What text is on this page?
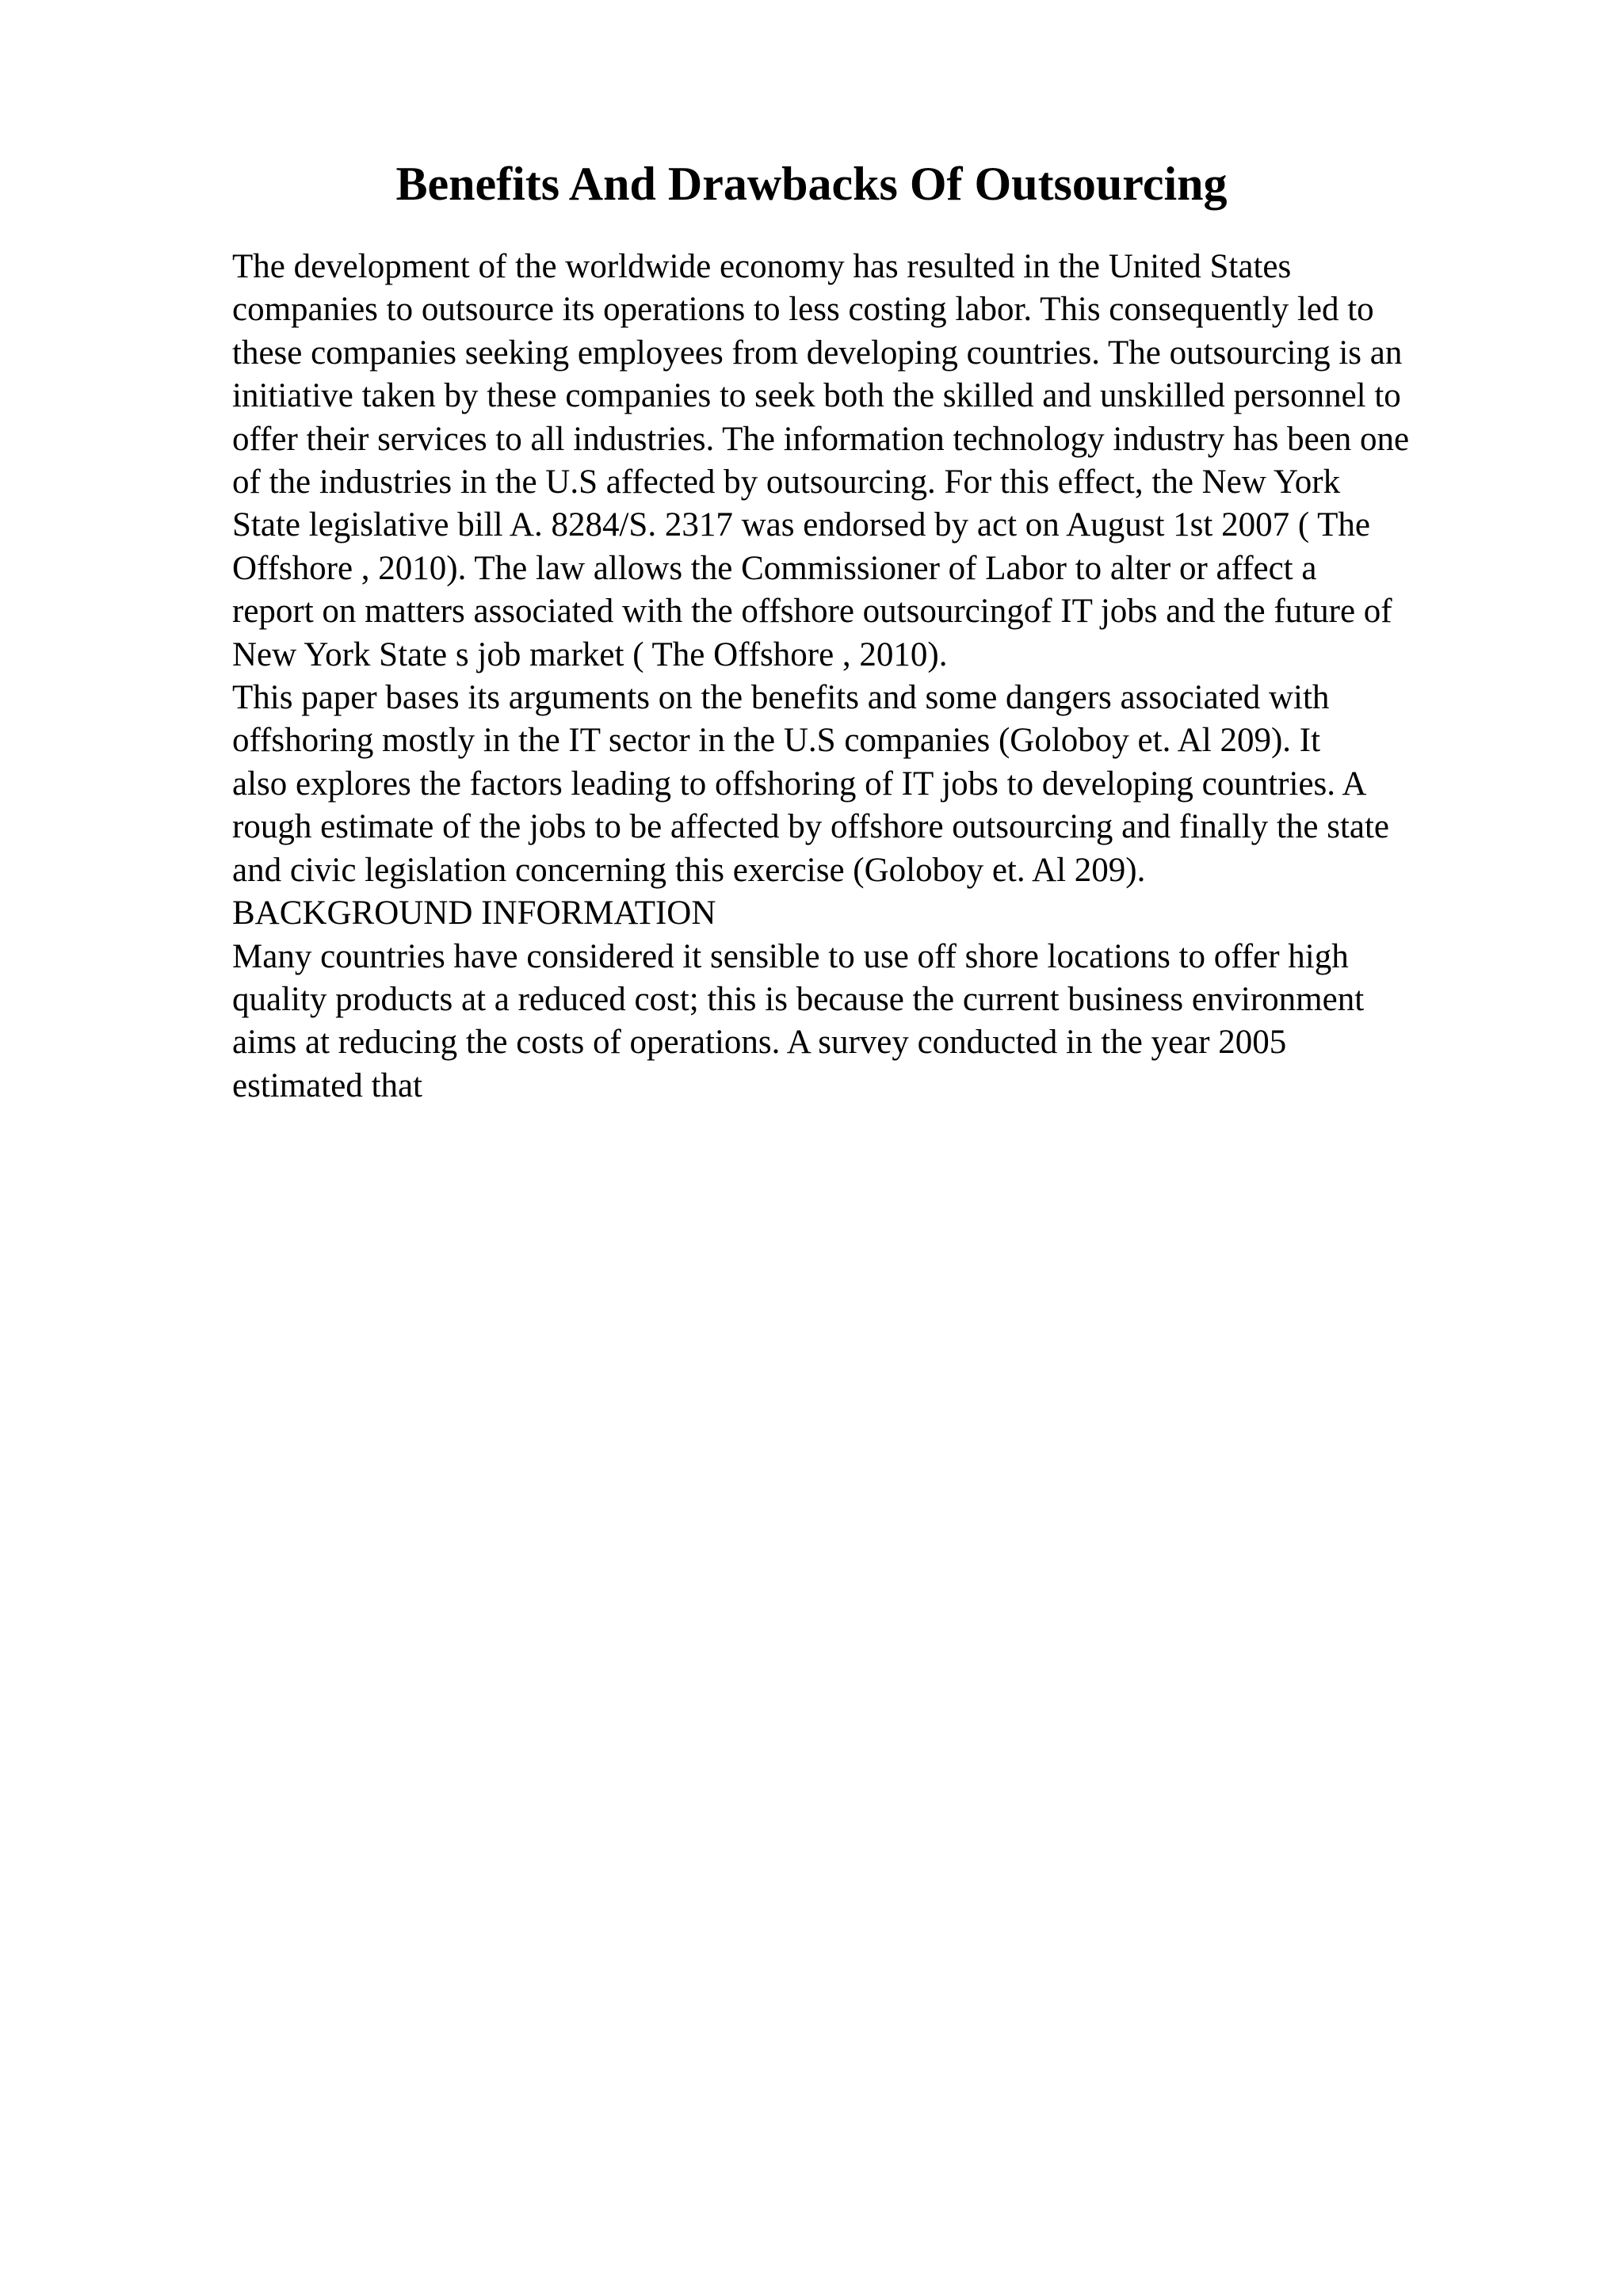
Benefits And Drawbacks Of Outsourcing
The development of the worldwide economy has resulted in the United States
companies to outsource its operations to less costing labor. This consequently led to
these companies seeking employees from developing countries. The outsourcing is an
initiative taken by these companies to seek both the skilled and unskilled personnel to
offer their services to all industries. The information technology industry has been one
of the industries in the U.S affected by outsourcing. For this effect, the New York
State legislative bill A. 8284/S. 2317 was endorsed by act on August 1st 2007 ( The
Offshore , 2010). The law allows the Commissioner of Labor to alter or affect a
report on matters associated with the offshore outsourcingof IT jobs and the future of
New York State s job market ( The Offshore , 2010).
This paper bases its arguments on the benefits and some dangers associated with
offshoring mostly in the IT sector in the U.S companies (Goloboy et. Al 209). It
also explores the factors leading to offshoring of IT jobs to developing countries. A
rough estimate of the jobs to be affected by offshore outsourcing and finally the state
and civic legislation concerning this exercise (Goloboy et. Al 209).
BACKGROUND INFORMATION
Many countries have considered it sensible to use off shore locations to offer high
quality products at a reduced cost; this is because the current business environment
aims at reducing the costs of operations. A survey conducted in the year 2005
estimated that
